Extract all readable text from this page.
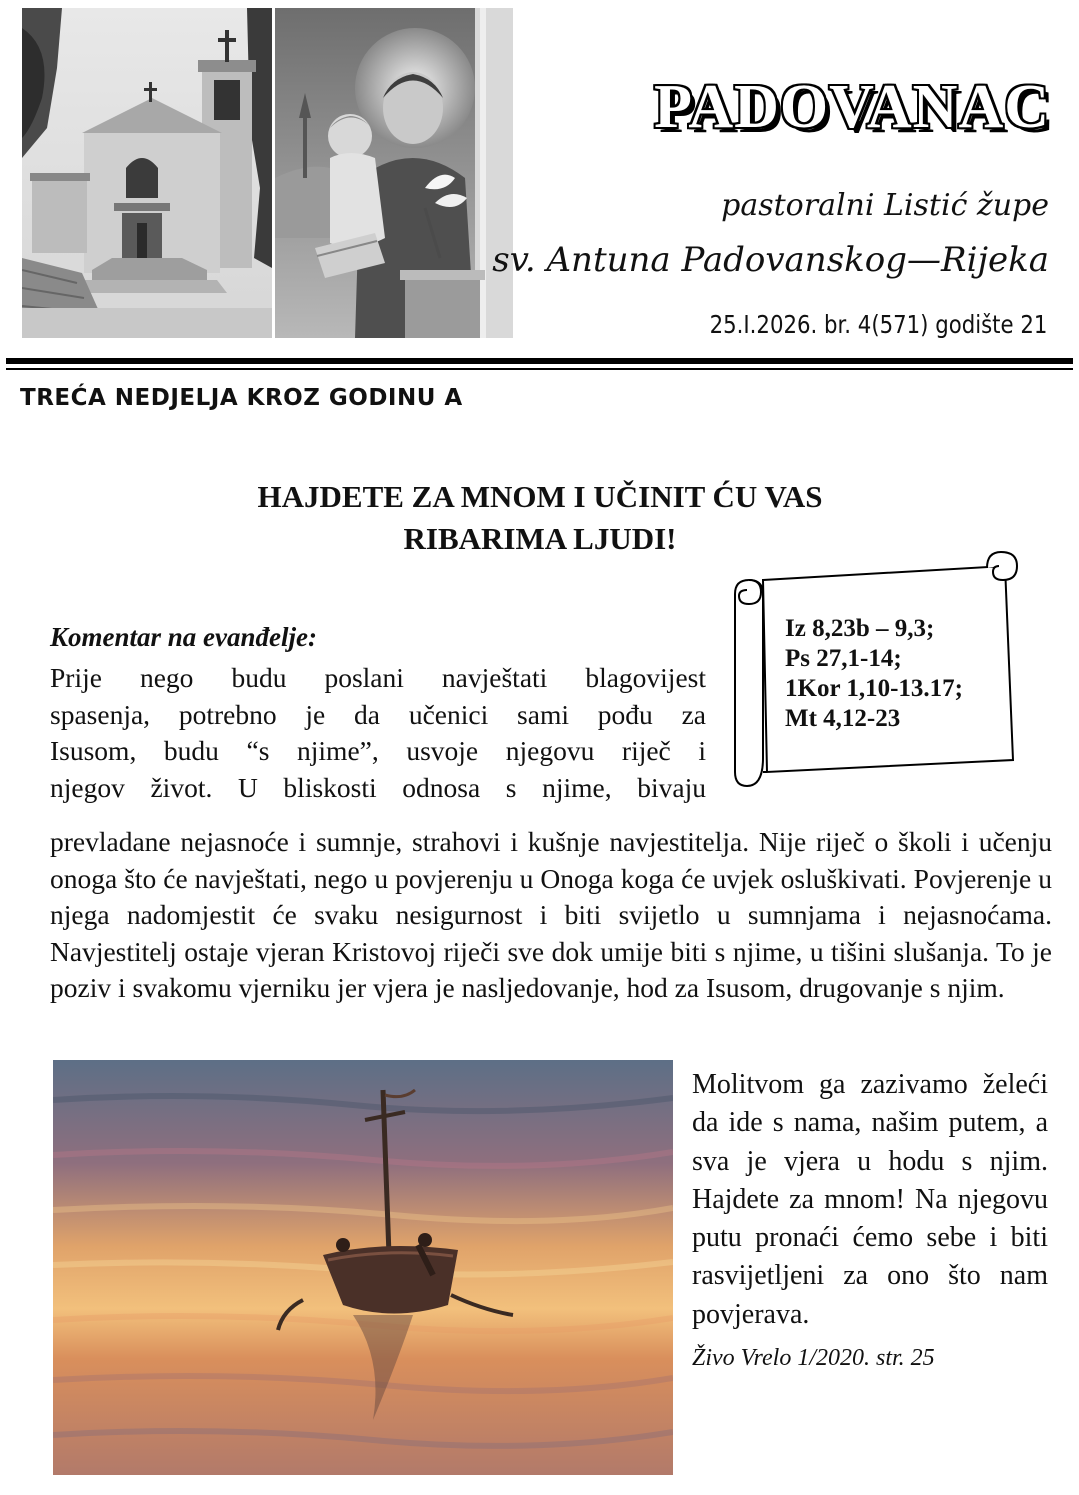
PADOVANAC
pastoralni Listić župe
sv. Antuna Padovanskog—Rijeka
25.I.2026. br. 4(571) godište 21
TREĆA NEDJELJA KROZ GODINU A
HAJDETE ZA MNOM I UČINIT ĆU VAS
RIBARIMA LJUDI!
Iz 8,23b – 9,3;
Ps 27,1-14;
1Kor 1,10-13.17;
Mt 4,12-23
Komentar na evanđelje:
Prije nego budu poslani navještati blagovijest
spasenja, potrebno je da učenici sami pođu za
Isusom, budu “s njime”, usvoje njegovu riječ i
njegov život. U bliskosti odnosa s njime, bivaju
prevladane nejasnoće i sumnje, strahovi i kušnje navjestitelja. Nije riječ o školi i učenju onoga što će navještati, nego u povjerenju u Onoga koga će uvjek osluškivati. Povjerenje u njega nadomjestit će svaku nesigurnost i biti svijetlo u sumnjama i nejasnoćama. Navjestitelj ostaje vjeran Kristovoj riječi sve dok umije biti s njime, u tišini slušanja. To je poziv i svakomu vjerniku jer vjera je nasljedovanje, hod za Isusom, drugovanje s njim.
Molitvom ga zazivamo želeći da ide s nama, našim putem, a sva je vjera u hodu s njim. Hajdete za mnom! Na njegovu putu pronaći ćemo sebe i biti rasvijetljeni za ono što nam povjerava.
Živo Vrelo 1/2020. str. 25
